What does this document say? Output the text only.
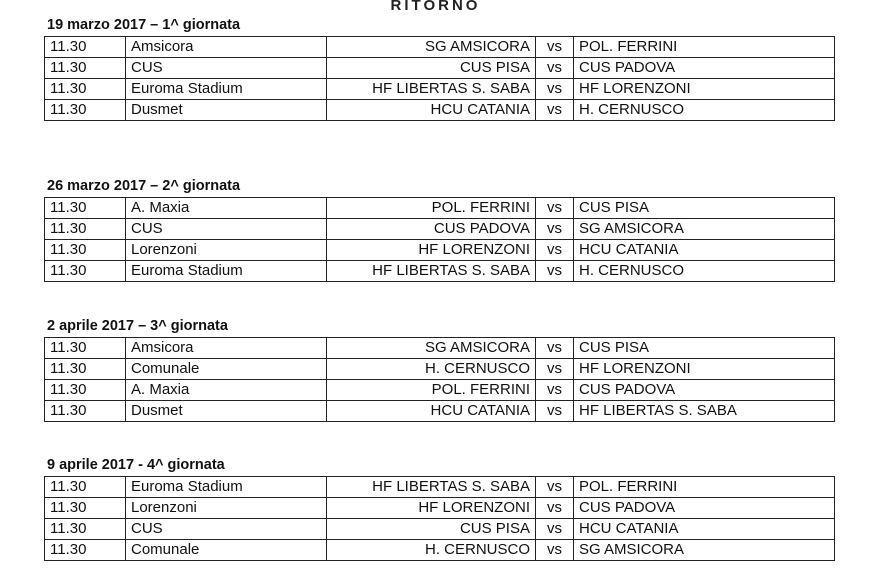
RITORNO
19 marzo 2017 – 1^ giornata
11.30	Amsicora	SG AMSICORA	vs	POL. FERRINI
11.30	CUS	CUS PISA	vs	CUS PADOVA
11.30	Euroma Stadium	HF LIBERTAS S. SABA	vs	HF LORENZONI
11.30	Dusmet	HCU CATANIA	vs	H. CERNUSCO
26 marzo 2017 – 2^ giornata
11.30	A. Maxia	POL. FERRINI	vs	CUS PISA
11.30	CUS	CUS PADOVA	vs	SG AMSICORA
11.30	Lorenzoni	HF LORENZONI	vs	HCU CATANIA
11.30	Euroma Stadium	HF LIBERTAS S. SABA	vs	H. CERNUSCO
2 aprile 2017 – 3^ giornata
11.30	Amsicora	SG AMSICORA	vs	CUS PISA
11.30	Comunale	H. CERNUSCO	vs	HF LORENZONI
11.30	A. Maxia	POL. FERRINI	vs	CUS PADOVA
11.30	Dusmet	HCU CATANIA	vs	HF LIBERTAS S. SABA
9 aprile 2017 - 4^ giornata
11.30	Euroma Stadium	HF LIBERTAS S. SABA	vs	POL. FERRINI
11.30	Lorenzoni	HF LORENZONI	vs	CUS PADOVA
11.30	CUS	CUS PISA	vs	HCU CATANIA
11.30	Comunale	H. CERNUSCO	vs	SG AMSICORA
